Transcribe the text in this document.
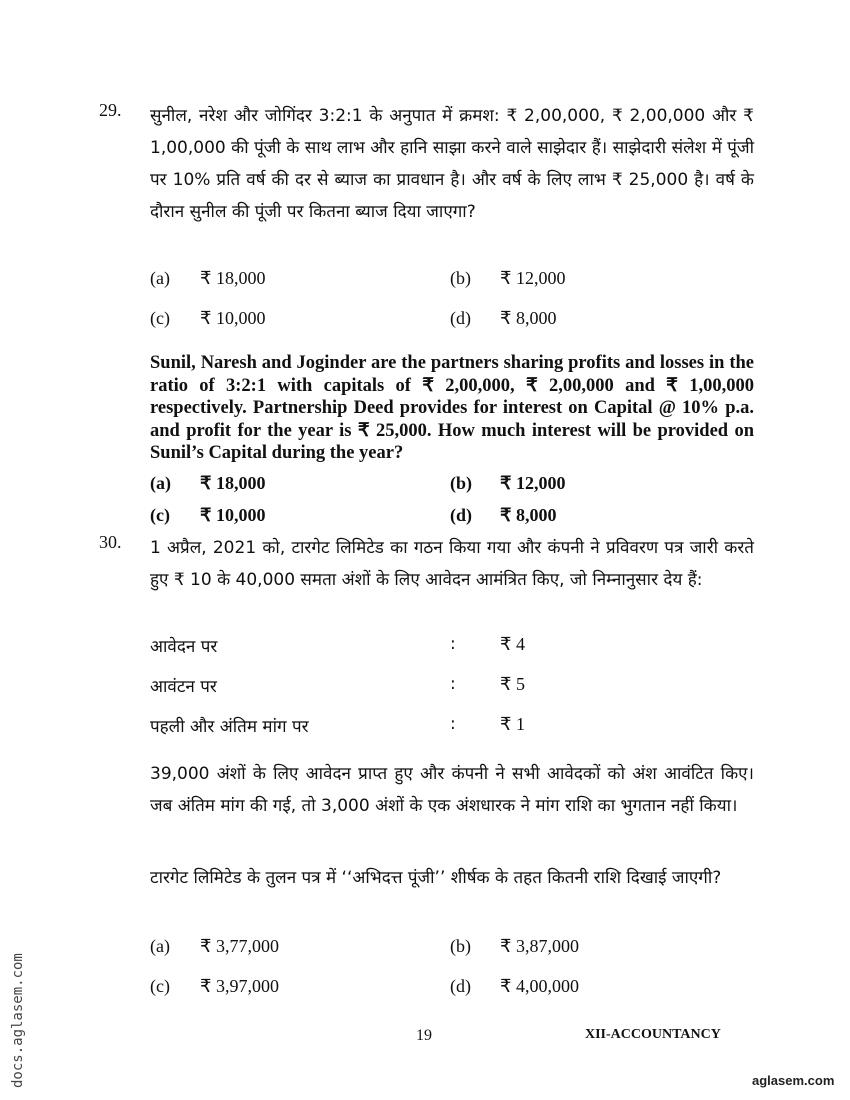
29. सुनील, नरेश और जोगिंदर 3:2:1 के अनुपात में क्रमश: ₹ 2,00,000, ₹ 2,00,000 और ₹ 1,00,000 की पूंजी के साथ लाभ और हानि साझा करने वाले साझेदार हैं। साझेदारी संलेश में पूंजी पर 10% प्रति वर्ष की दर से ब्याज का प्रावधान है। और वर्ष के लिए लाभ ₹ 25,000 है। वर्ष के दौरान सुनील की पूंजी पर कितना ब्याज दिया जाएगा?

(a) ₹ 18,000	(b) ₹ 12,000
(c) ₹ 10,000	(d) ₹ 8,000

Sunil, Naresh and Joginder are the partners sharing profits and losses in the ratio of 3:2:1 with capitals of ₹ 2,00,000, ₹ 2,00,000 and ₹ 1,00,000 respectively. Partnership Deed provides for interest on Capital @ 10% p.a. and profit for the year is ₹ 25,000. How much interest will be provided on Sunil’s Capital during the year?

(a) ₹ 18,000	(b) ₹ 12,000
(c) ₹ 10,000	(d) ₹ 8,000
30. 1 अप्रैल, 2021 को, टारगेट लिमिटेड का गठन किया गया और कंपनी ने प्रविवरण पत्र जारी करते हुए ₹ 10 के 40,000 समता अंशों के लिए आवेदन आमंत्रित किए, जो निम्नानुसार देय हैं:

आवेदन पर	: ₹ 4
आवंटन पर	: ₹ 5
पहली और अंतिम मांग पर	: ₹ 1

39,000 अंशों के लिए आवेदन प्राप्त हुए और कंपनी ने सभी आवेदकों को अंश आवंटित किए। जब अंतिम मांग की गई, तो 3,000 अंशों के एक अंशधारक ने मांग राशि का भुगतान नहीं किया।

टारगेट लिमिटेड के तुलन पत्र में ‘‘अभिदत्त पूंजी’’ शीर्षक के तहत कितनी राशि दिखाई जाएगी?

(a) ₹ 3,77,000	(b) ₹ 3,87,000
(c) ₹ 3,97,000	(d) ₹ 4,00,000
19	XII-ACCOUNTANCY
docs.aglasem.com	aglasem.com
